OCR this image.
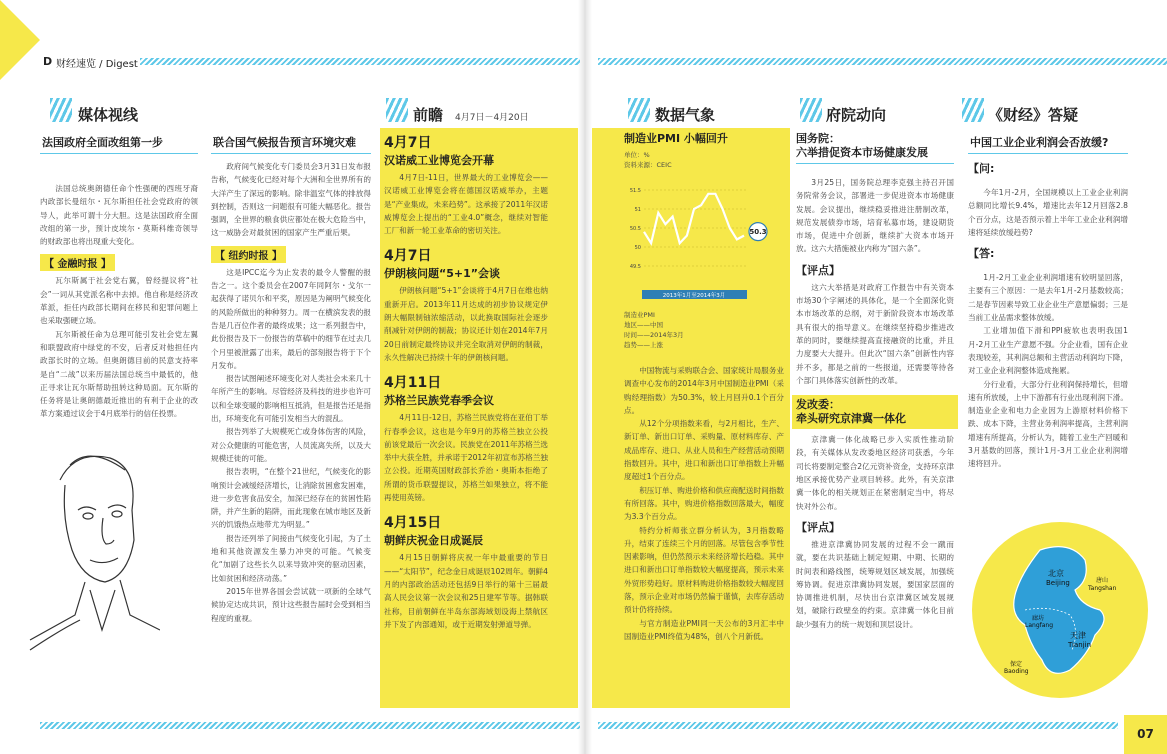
D 财经速览 / Digest
媒体视线	前瞻 4月7日－4月20日	数据气象	府院动向	《财经》答疑
法国政府全面改组第一步

法国总统奥朗德任命个性强硬的西班牙裔内政部长曼纽尔・瓦尔斯担任社会党政府的领导人，此举可谓十分大胆。这是法国政府全面改组的第一步，预计皮埃尔・莫斯科维奇领导的财政部也将出现重大变化。

【 金融时报 】

瓦尔斯属于社会党右翼，曾经提议将“社会”一词从其党派名称中去掉。他自称是经济改革派，拒任内政部长期间在移民和犯罪问题上也采取强硬立场。

瓦尔斯被任命为总理可能引发社会党左翼和联盟政府中绿党的不安，后者反对他担任内政部长时的立场。但奥朗德目前的民意支持率是自“二战”以来历届法国总统当中最低的，他正寻求让瓦尔斯帮助扭转这种局面。瓦尔斯的任务将是让奥朗德最近推出的有利于企业的改革方案通过议会于4月底举行的信任投票。

联合国气候报告预言环境灾难

政府间气候变化专门委员会3月31日发布报告称，气候变化已经对每个大洲和全世界所有的大洋产生了深远的影响。除非温室气体的排放得到控制，否则这一问题很有可能大幅恶化。报告强调，全世界的粮食供应都处在极大危险当中，这一威胁会对最贫困的国家产生严重后果。

【 纽约时报 】

这是IPCC迄今为止发表的最令人警醒的报告之一。这个委员会在2007年同阿尔・戈尔一起获得了诺贝尔和平奖，原因是为阐明气候变化的风险所做出的种种努力。周一在横滨发表的报告是几百位作者的最终成果；这一系列报告中，此份报告及下一份报告的草稿中的细节在过去几个月里被泄露了出来，最后的部刻报告将于下个月发布。

报告试图阐述环境变化对人类社会未来几十年所产生的影响。尽管经济及科技的进步也许可以和全球变暖的影响相互抵消，但是报告还是指出，环境变化有可能引发相当大的混乱。

报告列举了大规模死亡或身体伤害的风险，对公众健康的可能危害，人员流离失所，以及大规模迁徙的可能。

报告表明，“在整个21世纪，气候变化的影响预计会减缓经济增长，让消除贫困愈发困难，进一步危害食品安全，加深已经存在的贫困性陷阱，并产生新的陷阱，而此现象在城市地区及新兴的饥饿热点地带尤为明显。”

报告还列举了间接由气候变化引起，为了土地和其他资源发生暴力冲突的可能。气候变化“加剧了这些长久以来导致冲突的驱动因素，比如贫困和经济动荡。”

2015年世界各国会尝试就一项新的全球气候协定达成共识，预计这些报告届时会受到相当程度的重视。

4月7日
汉诺威工业博览会开幕

4月7日-11日，世界最大的工业博览会——汉诺威工业博览会将在德国汉诺威举办，主题是“产业集成，未来趋势”。这承接了2011年汉诺威博览会上提出的“工业4.0”概念，继续对智能工厂和新一轮工业革命的密切关注。

4月7日
伊朗核问题“5+1”会谈

伊朗核问题“5+1”会谈将于4月7日在维也纳重新开启。2013年11月达成的初步协议规定伊朗大幅限制铀浓缩活动，以此换取国际社会逐步削减针对伊朗的制裁；协议还计划在2014年7月20日前制定最终协议并完全取消对伊朗的制裁，永久性解决已持续十年的伊朗核问题。

4月11日
苏格兰民族党春季会议

4月11日-12日，苏格兰民族党将在亚伯丁举行春季会议，这也是今年9月的苏格兰独立公投前该党最后一次会议。民族党在2011年苏格兰选举中大获全胜，并承诺于2012年初宣布苏格兰独立公投。近期英国财政部长乔治・奥斯本拒绝了所谓的货币联盟提议，苏格兰如果独立，将不能再使用英镑。

4月15日
朝鲜庆祝金日成诞辰

4月15日朝鲜将庆祝一年中最重要的节日——“太阳节”，纪念金日成诞辰102周年。朝鲜4月的内部政治活动还包括9日举行的第十三届最高人民会议第一次会议和25日建军节等。据韩联社称，目前朝鲜在半岛东部海域划设海上禁航区并下发了内部通知，或于近期发射弹道导弹。

制造业PMI 小幅回升
单位：%
资料来源：CEIC
51.5
51
50.5
50
49.5
2013年1月至2014年3月
50.3
制造业PMI
地区——中国
时间——2014年3月
趋势——上涨

中国物流与采购联合会、国家统计局服务业调查中心发布的2014年3月中国制造业PMI（采购经理指数）为50.3%，较上月回升0.1个百分点。

从12个分项指数来看，与2月相比，生产、新订单、新出口订单、采购量、原材料库存、产成品库存、进口、从业人员和生产经营活动预期指数回升。其中，进口和新出口订单指数上升幅度超过1个百分点。

积压订单、购进价格和供应商配送时间指数有所回落。其中，购进价格指数回落最大，幅度为3.3个百分点。

特约分析师张立群分析认为，3月指数略升，结束了连续三个月的回落。尽管包含季节性因素影响，但仍然预示未来经济增长趋稳。其中进口和新出口订单指数较大幅度提高，预示未来外贸形势趋好。原材料购进价格指数较大幅度回落，预示企业对市场仍然偏于谨慎，去库存活动预计仍将持续。

与官方制造业PMI同一天公布的3月汇丰中国制造业PMI终值为48%，创八个月新低。

国务院：
六举措促资本市场健康发展

3月25日，国务院总理李克强主持召开国务院常务会议，部署进一步促进资本市场健康发展。会议提出，继续稳妥推进注册制改革，规范发展债券市场，培育私募市场，建设期货市场，促进中介创新，继续扩大资本市场开放。这六大措施被业内称为“国六条”。

【评点】

这六大举措是对政府工作报告中有关资本市场30个字阐述的具体化，是一个全面深化资本市场改革的总纲，对于新阶段资本市场改革具有很大的指导意义。在继续坚持稳步推进改革的同时，要继续提高直接融资的比重，并且力度要大大提升。但此次“国六条”创新性内容并不多，都是之前的一些报道，还需要等待各个部门具体落实创新性的改革。

发改委：
牵头研究京津冀一体化

京津冀一体化战略已步入实质性推动阶段，有关媒体从发改委地区经济司获悉，今年司长将要制定整合2亿元资补资金，支持环京津地区承接优势产业项目转移。此外，有关京津冀一体化的相关规划正在紧密制定当中，将尽快对外公布。

【评点】

推进京津冀协同发展的过程不会一蹴而就，要在共识基础上制定短期、中期、长期的时间表和路线图，统筹规划区域发展，加强统筹协调。促进京津冀协同发展，要国家层面的协调推进机制，尽快出台京津冀区域发展规划，破除行政壁垒的约束。京津冀一体化目前缺少强有力的统一规划和顶层设计。

中国工业企业利润会否放缓?
【问:

今年1月-2月，全国规模以上工业企业利润总额同比增长9.4%，增速比去年12月回落2.8个百分点，这是否预示着上半年工业企业利润增速将延续放缓趋势?

【答:

1月-2月工业企业利润增速有较明显回落，主要有三个原因：一是去年1月-2月基数较高；二是春节因素导致工业企业生产意愿偏弱；三是当前工业品需求整体放缓。

工业增加值下滑和PPI疲软也表明我国1月-2月工业生产意愿不强。分企业看，国有企业表现较差，其利润总额和主营活动利润均下降，对工业企业利润整体造成拖累。

分行业看，大部分行业利润保持增长，但增速有所放缓，上中下游都有行业出现利润下滑。制造业企业和电力企业因为上游原材料价格下跌、成本下降，主营业务利润率提高，主营利润增速有所提高，分析认为，随着工业生产回暖和3月基数的回落，预计1月-3月工业企业利润增速将回升。

北京
Beijing	唐山
Tangshan
廊坊
Langfang
天津
Tianjin
保定
Baoding
07
